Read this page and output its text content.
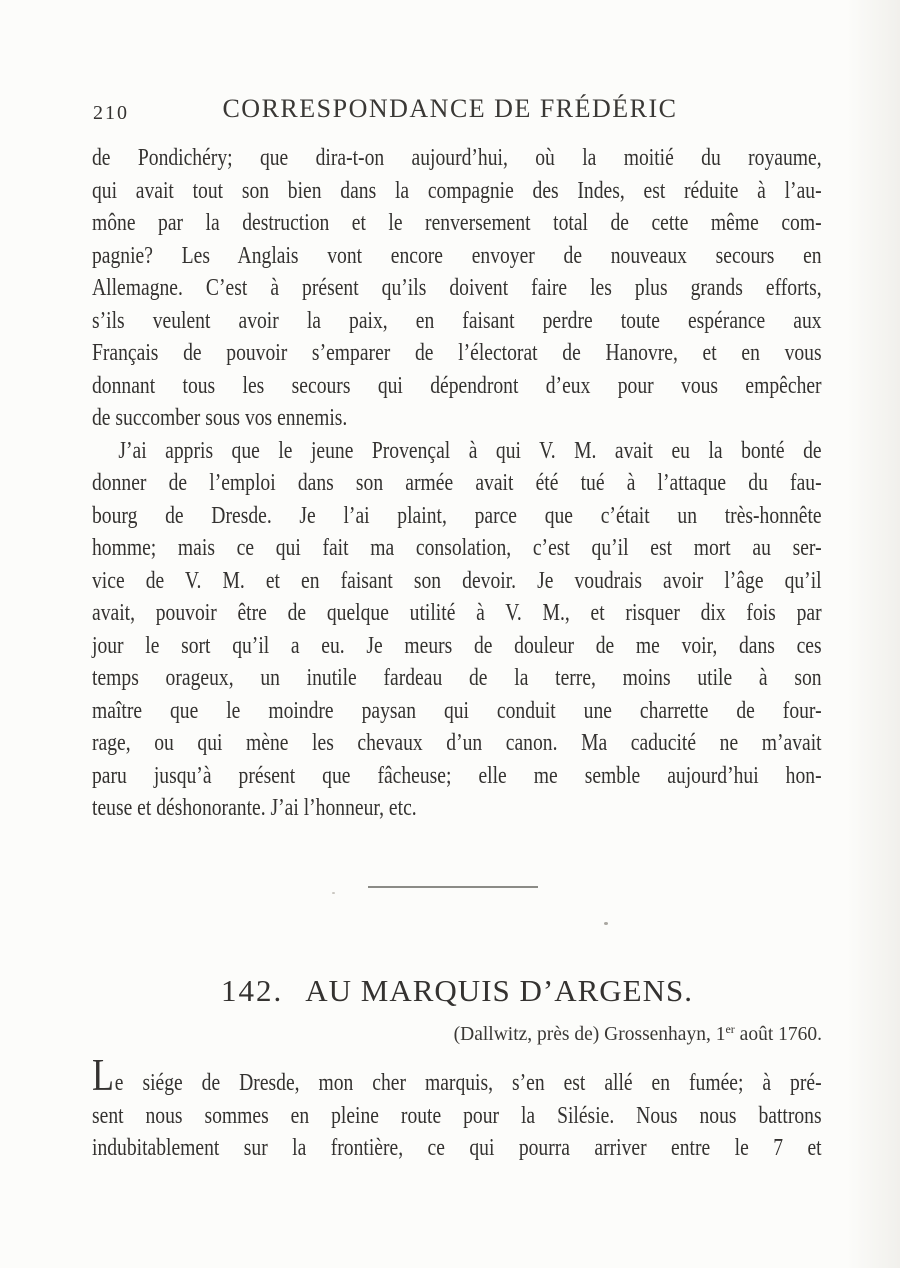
210	CORRESPONDANCE DE FRÉDÉRIC
de Pondichéry; que dira-t-on aujourd’hui, où la moitié du royaume,
qui avait tout son bien dans la compagnie des Indes, est réduite à l’au-
mône par la destruction et le renversement total de cette même com-
pagnie? Les Anglais vont encore envoyer de nouveaux secours en
Allemagne. C’est à présent qu’ils doivent faire les plus grands efforts,
s’ils veulent avoir la paix, en faisant perdre toute espérance aux
Français de pouvoir s’emparer de l’électorat de Hanovre, et en vous
donnant tous les secours qui dépendront d’eux pour vous empêcher
de succomber sous vos ennemis.
J’ai appris que le jeune Provençal à qui V. M. avait eu la bonté de
donner de l’emploi dans son armée avait été tué à l’attaque du fau-
bourg de Dresde. Je l’ai plaint, parce que c’était un très-honnête
homme; mais ce qui fait ma consolation, c’est qu’il est mort au ser-
vice de V. M. et en faisant son devoir. Je voudrais avoir l’âge qu’il
avait, pouvoir être de quelque utilité à V. M., et risquer dix fois par
jour le sort qu’il a eu. Je meurs de douleur de me voir, dans ces
temps orageux, un inutile fardeau de la terre, moins utile à son
maître que le moindre paysan qui conduit une charrette de four-
rage, ou qui mène les chevaux d’un canon. Ma caducité ne m’avait
paru jusqu’à présent que fâcheuse; elle me semble aujourd’hui hon-
teuse et déshonorante. J’ai l’honneur, etc.
142. AU MARQUIS D’ARGENS.
(Dallwitz, près de) Grossenhayn, 1er août 1760.
Le siége de Dresde, mon cher marquis, s’en est allé en fumée; à pré-
sent nous sommes en pleine route pour la Silésie. Nous nous battrons
indubitablement sur la frontière, ce qui pourra arriver entre le 7 et
